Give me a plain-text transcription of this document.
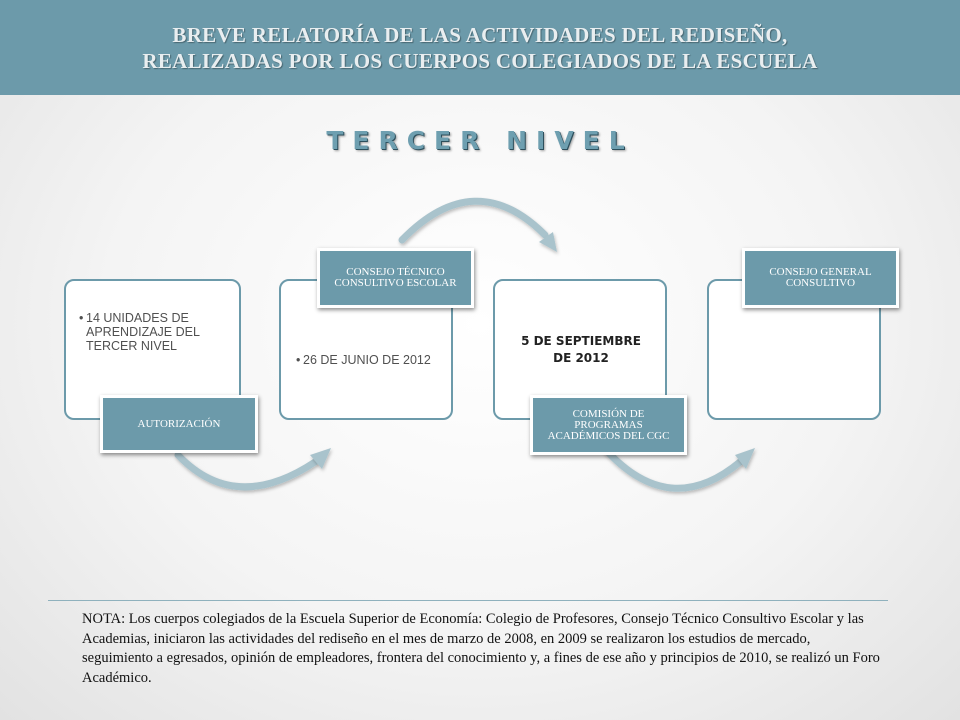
BREVE RELATORÍA DE LAS ACTIVIDADES DEL REDISEÑO,
REALIZADAS POR LOS CUERPOS COLEGIADOS DE LA ESCUELA
TERCER NIVEL
• 14 UNIDADES DE APRENDIZAJE DEL TERCER NIVEL
AUTORIZACIÓN
• 26 DE JUNIO DE 2012
CONSEJO TÉCNICO CONSULTIVO ESCOLAR
5 DE SEPTIEMBRE DE 2012
COMISIÓN DE PROGRAMAS ACADÉMICOS DEL CGC
CONSEJO GENERAL CONSULTIVO
NOTA: Los cuerpos colegiados de la Escuela Superior de Economía: Colegio de Profesores, Consejo Técnico Consultivo Escolar y las Academias, iniciaron las actividades del rediseño en el mes de marzo de 2008, en 2009 se realizaron los estudios de mercado, seguimiento a egresados, opinión de empleadores, frontera del conocimiento y, a fines de ese año y principios de 2010, se realizó un Foro Académico.
